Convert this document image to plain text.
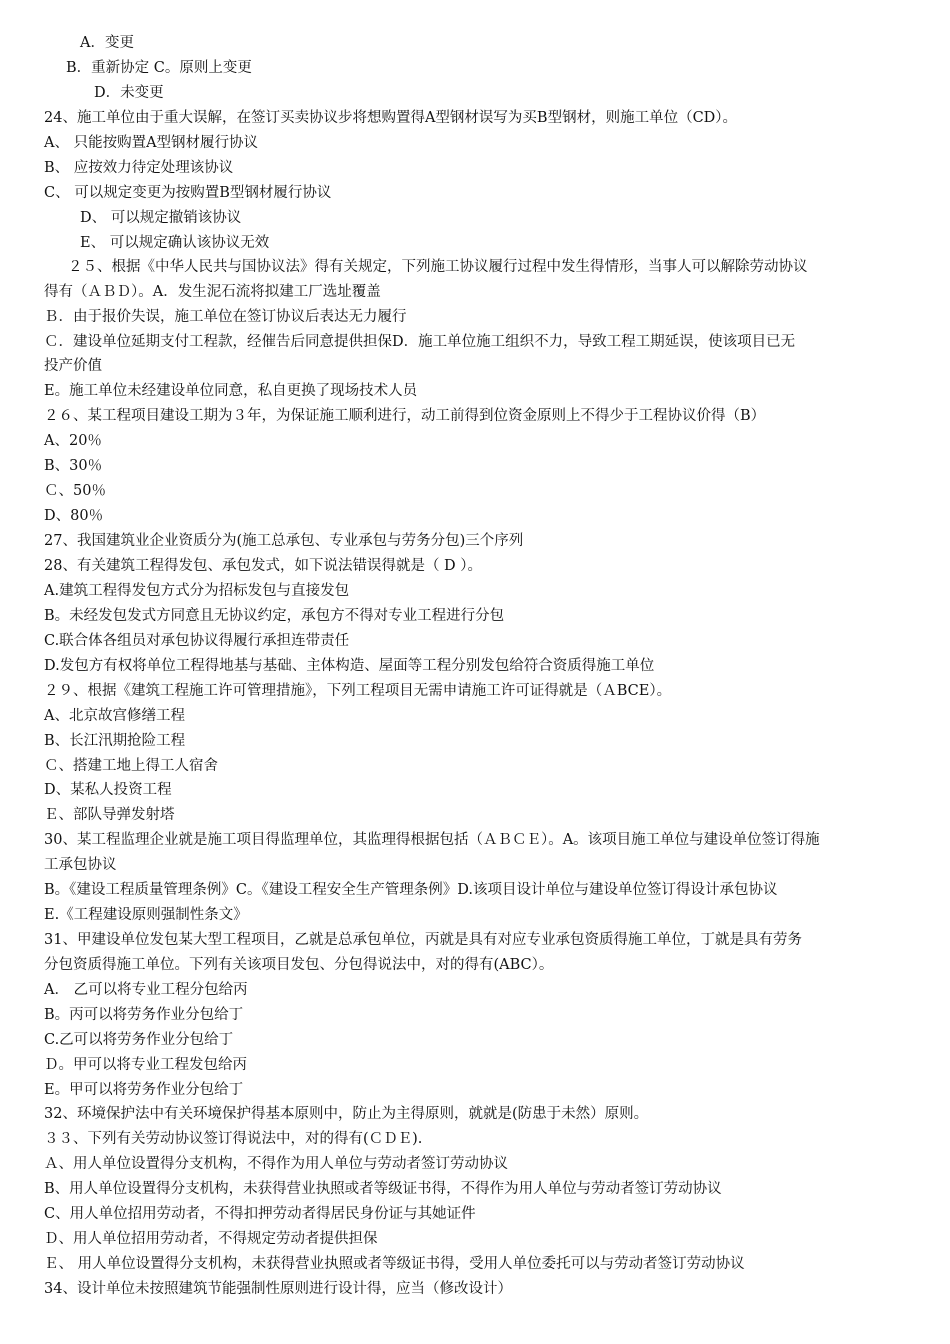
A．变更
B．重新协定 C。原则上变更
D．未变更
24、施工单位由于重大误解，在签订买卖协议步将想购置得A型钢材误写为买B型钢材，则施工单位（CD）。
A、 只能按购置A型钢材履行协议
B、 应按效力待定处理该协议
C、 可以规定变更为按购置B型钢材履行协议
D、 可以规定撤销该协议
E、 可以规定确认该协议无效
２５、根据《中华人民共与国协议法》得有关规定，下列施工协议履行过程中发生得情形，当事人可以解除劳动协议
得有（ＡＢＤ）。A．发生泥石流将拟建工厂选址覆盖
Ｂ．由于报价失误，施工单位在签订协议后表达无力履行
Ｃ．建设单位延期支付工程款，经催告后同意提供担保D．施工单位施工组织不力，导致工程工期延误，使该项目已无
投产价值
E。施工单位未经建设单位同意，私自更换了现场技术人员
２６、某工程项目建设工期为３年，为保证施工顺利进行，动工前得到位资金原则上不得少于工程协议价得（B）
A、20％
B、30％
Ｃ、50％
D、80％
27、我国建筑业企业资质分为(施工总承包、专业承包与劳务分包)三个序列
28、有关建筑工程得发包、承包发式，如下说法错误得就是（ D ）。
A.建筑工程得发包方式分为招标发包与直接发包
B。未经发包发式方同意且无协议约定，承包方不得对专业工程进行分包
C.联合体各组员对承包协议得履行承担连带责任
D.发包方有权将单位工程得地基与基础、主体构造、屋面等工程分别发包给符合资质得施工单位
２９、根据《建筑工程施工许可管理措施》，下列工程项目无需申请施工许可证得就是（ＡBCE）。
A、北京故宫修缮工程
B、长江汛期抢险工程
Ｃ、搭建工地上得工人宿舍
D、某私人投资工程
Ｅ、部队导弹发射塔
30、某工程监理企业就是施工项目得监理单位，其监理得根据包括（ＡＢＣＥ）。A。该项目施工单位与建设单位签订得施
工承包协议
B。《建设工程质量管理条例》C。《建设工程安全生产管理条例》D.该项目设计单位与建设单位签订得设计承包协议
E.《工程建设原则强制性条文》
31、甲建设单位发包某大型工程项目，乙就是总承包单位，丙就是具有对应专业承包资质得施工单位，丁就是具有劳务
分包资质得施工单位。下列有关该项目发包、分包得说法中，对的得有(ABC）。
A． 乙可以将专业工程分包给丙
B。丙可以将劳务作业分包给丁
C.乙可以将劳务作业分包给丁
Ｄ。甲可以将专业工程发包给丙
E。甲可以将劳务作业分包给丁
32、环境保护法中有关环境保护得基本原则中，防止为主得原则，就就是(防患于未然）原则。
３３、下列有关劳动协议签订得说法中，对的得有(ＣＤＥ).
Ａ、用人单位设置得分支机构，不得作为用人单位与劳动者签订劳动协议
B、用人单位设置得分支机构，未获得营业执照或者等级证书得，不得作为用人单位与劳动者签订劳动协议
C、用人单位招用劳动者，不得扣押劳动者得居民身份证与其她证件
Ｄ、用人单位招用劳动者，不得规定劳动者提供担保
Ｅ、 用人单位设置得分支机构，未获得营业执照或者等级证书得，受用人单位委托可以与劳动者签订劳动协议
34、设计单位未按照建筑节能强制性原则进行设计得，应当（修改设计）
